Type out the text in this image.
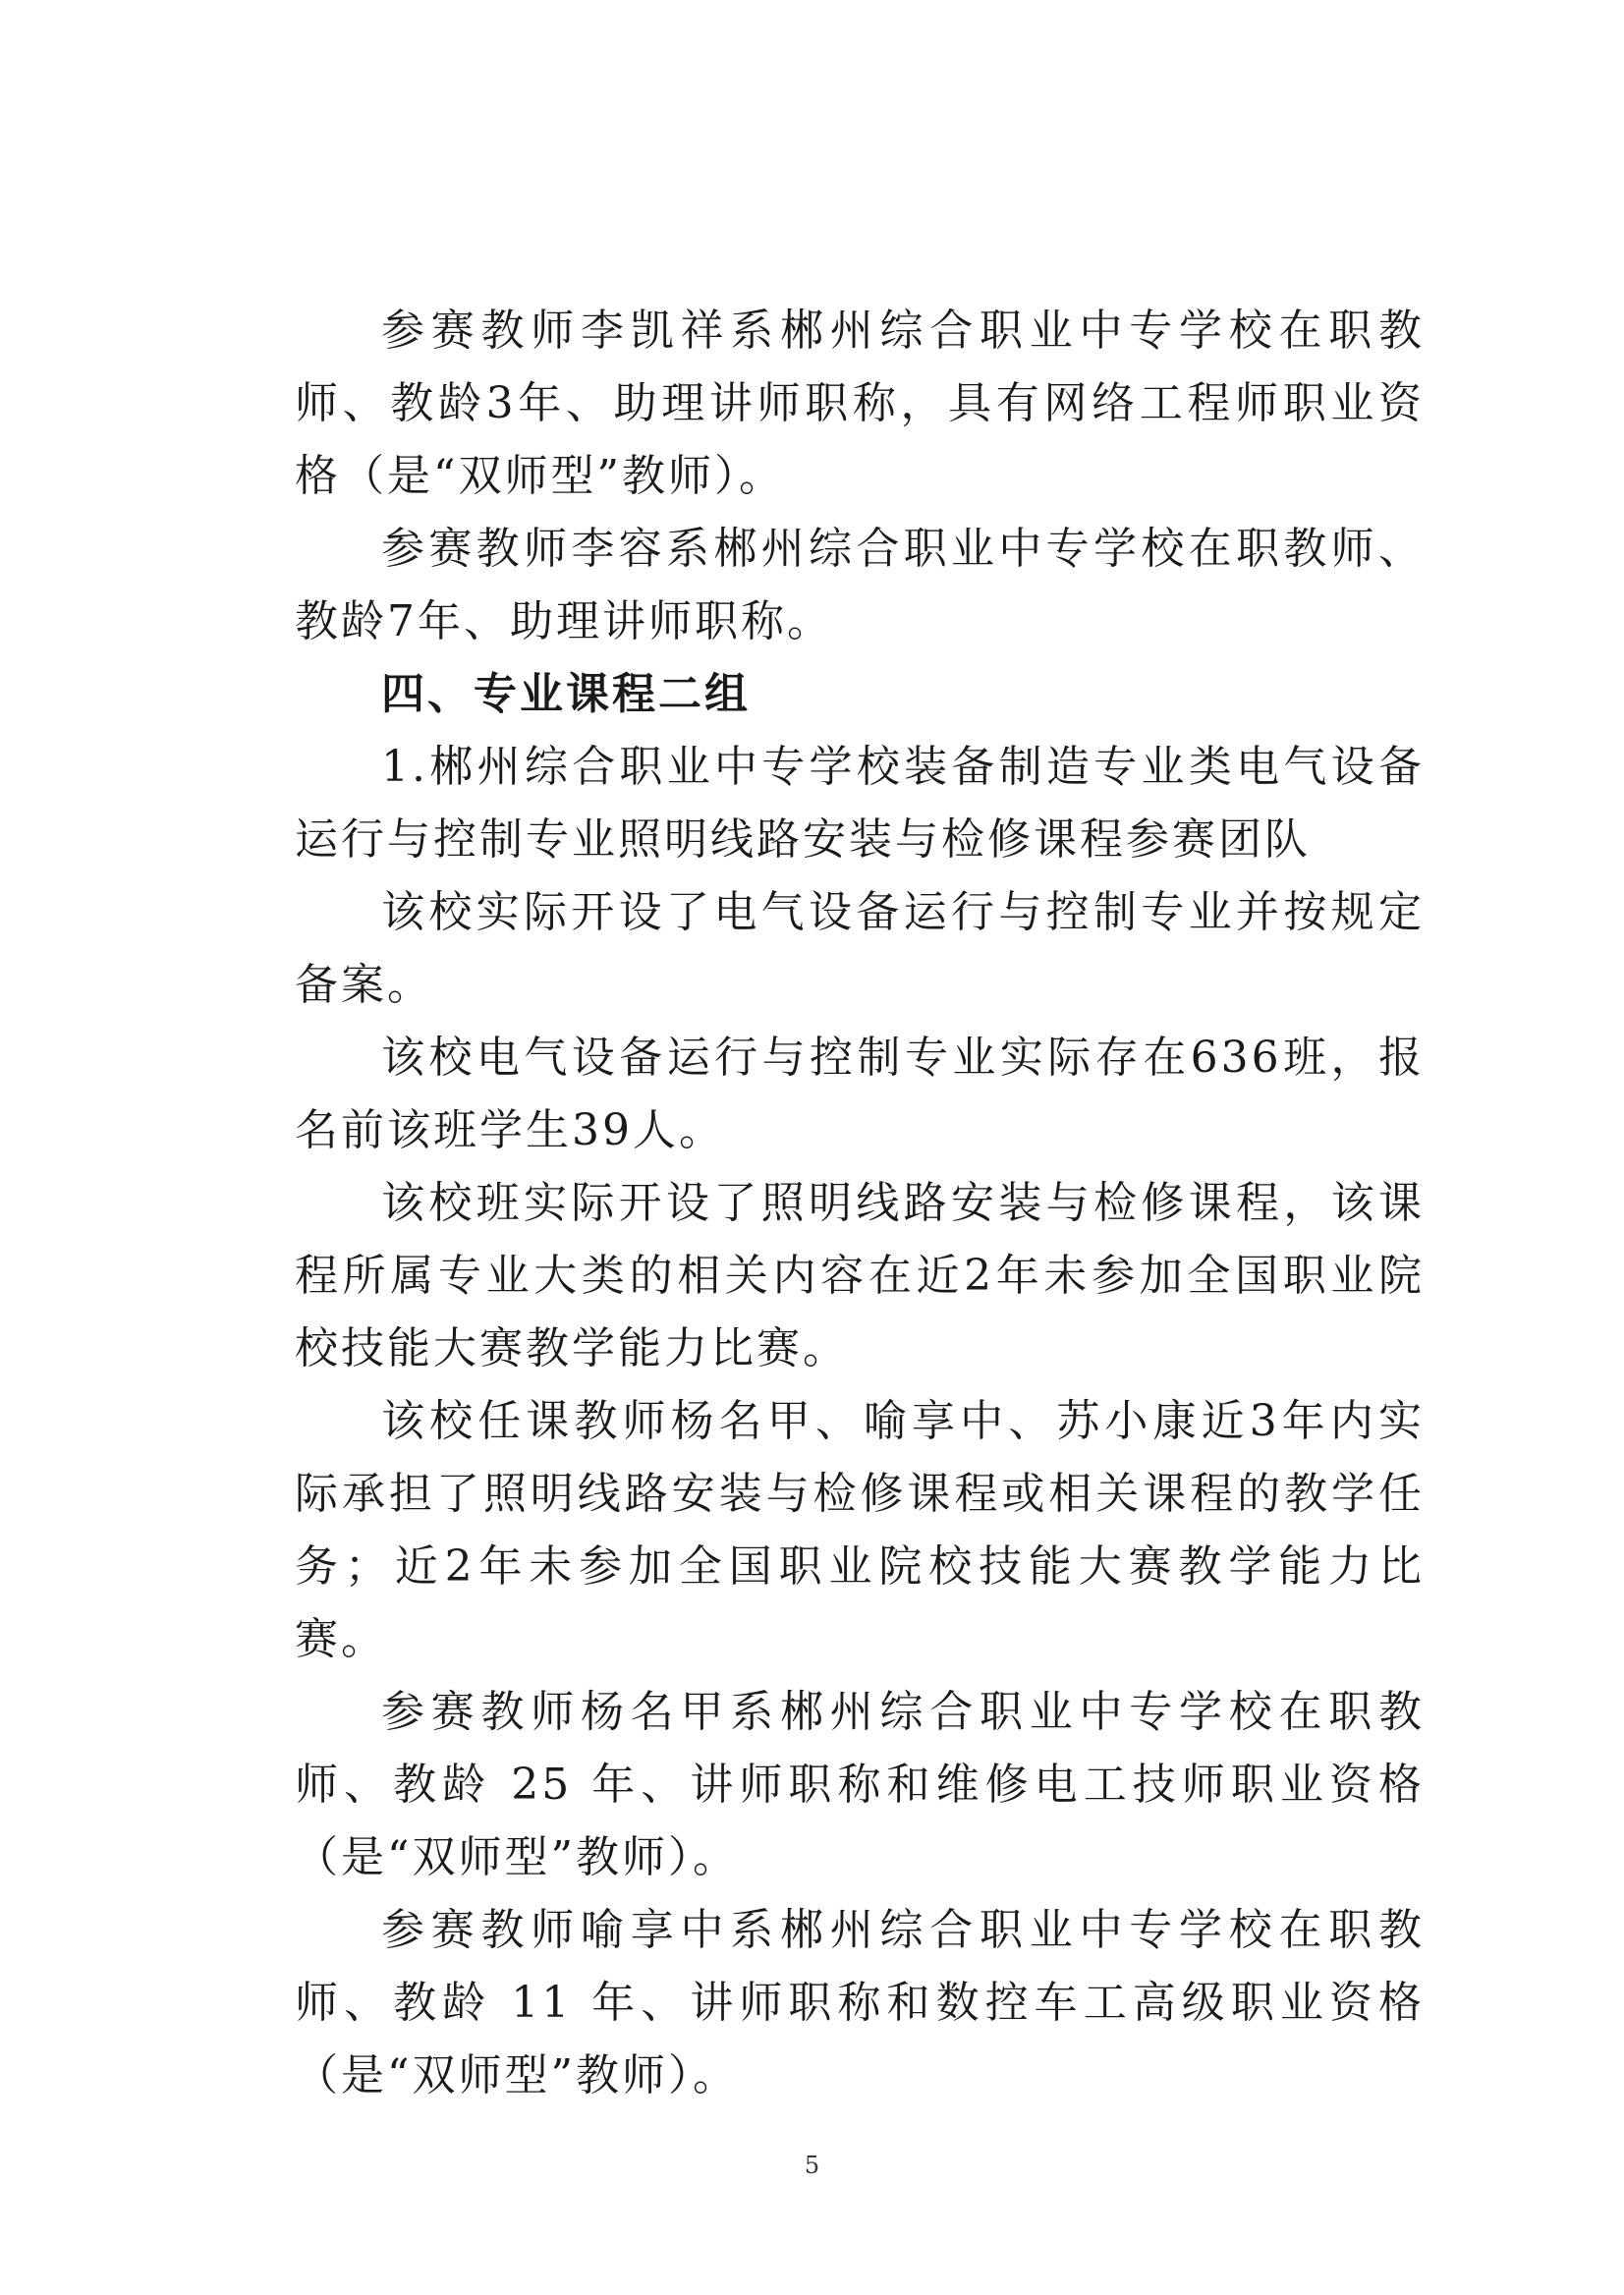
参赛教师李凯祥系郴州综合职业中专学校在职教师、教龄3年、助理讲师职称，具有网络工程师职业资格（是“双师型”教师）。

参赛教师李容系郴州综合职业中专学校在职教师、教龄7年、助理讲师职称。

四、专业课程二组

1.郴州综合职业中专学校装备制造专业类电气设备运行与控制专业照明线路安装与检修课程参赛团队

该校实际开设了电气设备运行与控制专业并按规定备案。

该校电气设备运行与控制专业实际存在636班，报名前该班学生39人。

该校班实际开设了照明线路安装与检修课程，该课程所属专业大类的相关内容在近2年未参加全国职业院校技能大赛教学能力比赛。

该校任课教师杨名甲、喻享中、苏小康近3年内实际承担了照明线路安装与检修课程或相关课程的教学任务；近2年未参加全国职业院校技能大赛教学能力比赛。

参赛教师杨名甲系郴州综合职业中专学校在职教师、教龄 25 年、讲师职称和维修电工技师职业资格（是“双师型”教师）。

参赛教师喻享中系郴州综合职业中专学校在职教师、教龄 11 年、讲师职称和数控车工高级职业资格（是“双师型”教师）。

5
